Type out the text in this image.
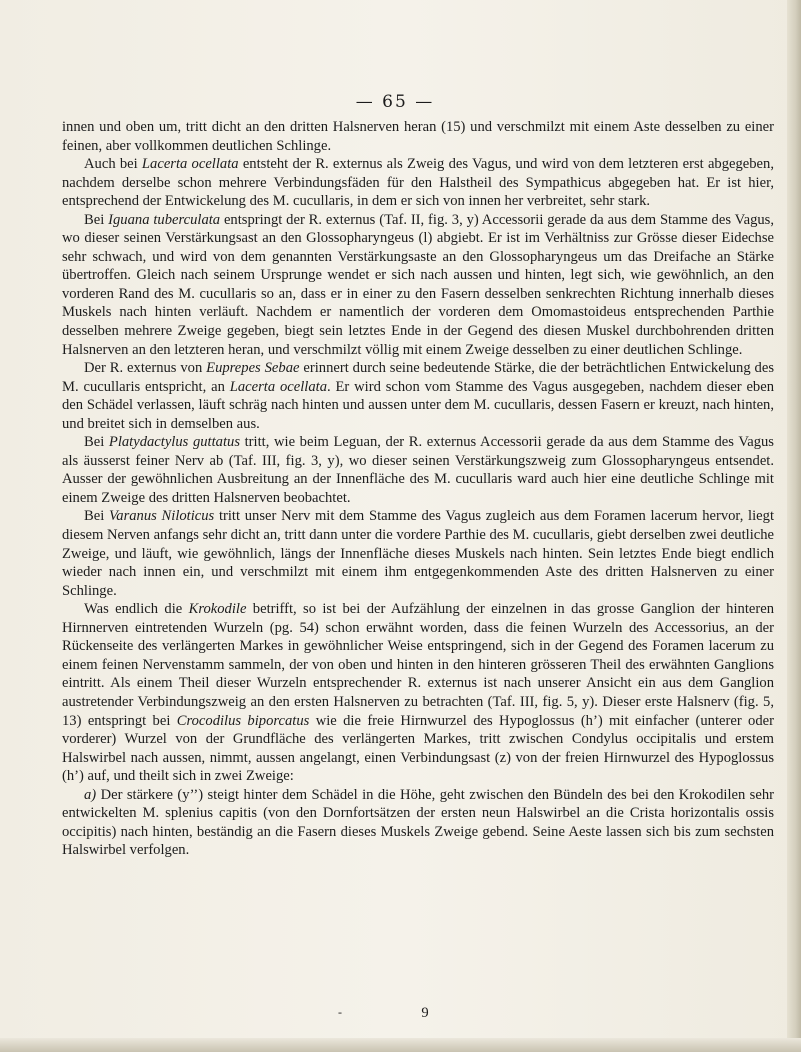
— 65 —

innen und oben um, tritt dicht an den dritten Halsnerven heran (15) und verschmilzt mit einem Aste desselben zu einer feinen, aber vollkommen deutlichen Schlinge.

Auch bei Lacerta ocellata entsteht der R. externus als Zweig des Vagus, und wird von dem letzteren erst abgegeben, nachdem derselbe schon mehrere Verbindungsfäden für den Halstheil des Sympathicus abgegeben hat. Er ist hier, entsprechend der Entwickelung des M. cucullaris, in dem er sich von innen her verbreitet, sehr stark.

Bei Iguana tuberculata entspringt der R. externus (Taf. II, fig. 3, y) Accessorii gerade da aus dem Stamme des Vagus, wo dieser seinen Verstärkungsast an den Glossopharyngeus (l) abgiebt. Er ist im Verhältniss zur Grösse dieser Eidechse sehr schwach, und wird von dem genannten Verstärkungsaste an den Glossopharyngeus um das Dreifache an Stärke übertroffen. Gleich nach seinem Ursprunge wendet er sich nach aussen und hinten, legt sich, wie gewöhnlich, an den vorderen Rand des M. cucullaris so an, dass er in einer zu den Fasern desselben senkrechten Richtung innerhalb dieses Muskels nach hinten verläuft. Nachdem er namentlich der vorderen dem Omomastoideus entsprechenden Parthie desselben mehrere Zweige gegeben, biegt sein letztes Ende in der Gegend des diesen Muskel durchbohrenden dritten Halsnerven an den letzteren heran, und verschmilzt völlig mit einem Zweige desselben zu einer deutlichen Schlinge.

Der R. externus von Euprepes Sebae erinnert durch seine bedeutende Stärke, die der beträchtlichen Entwickelung des M. cucullaris entspricht, an Lacerta ocellata. Er wird schon vom Stamme des Vagus ausgegeben, nachdem dieser eben den Schädel verlassen, läuft schräg nach hinten und aussen unter dem M. cucullaris, dessen Fasern er kreuzt, nach hinten, und breitet sich in demselben aus.

Bei Platydactylus guttatus tritt, wie beim Leguan, der R. externus Accessorii gerade da aus dem Stamme des Vagus als äusserst feiner Nerv ab (Taf. III, fig. 3, y), wo dieser seinen Verstärkungszweig zum Glossopharyngeus entsendet. Ausser der gewöhnlichen Ausbreitung an der Innenfläche des M. cucullaris ward auch hier eine deutliche Schlinge mit einem Zweige des dritten Halsnerven beobachtet.

Bei Varanus Niloticus tritt unser Nerv mit dem Stamme des Vagus zugleich aus dem Foramen lacerum hervor, liegt diesem Nerven anfangs sehr dicht an, tritt dann unter die vordere Parthie des M. cucullaris, giebt derselben zwei deutliche Zweige, und läuft, wie gewöhnlich, längs der Innenfläche dieses Muskels nach hinten. Sein letztes Ende biegt endlich wieder nach innen ein, und verschmilzt mit einem ihm entgegenkommenden Aste des dritten Halsnerven zu einer Schlinge.

Was endlich die Krokodile betrifft, so ist bei der Aufzählung der einzelnen in das grosse Ganglion der hinteren Hirnnerven eintretenden Wurzeln (pg. 54) schon erwähnt worden, dass die feinen Wurzeln des Accessorius, an der Rückenseite des verlängerten Markes in gewöhnlicher Weise entspringend, sich in der Gegend des Foramen lacerum zu einem feinen Nervenstamm sammeln, der von oben und hinten in den hinteren grösseren Theil des erwähnten Ganglions eintritt. Als einem Theil dieser Wurzeln entsprechender R. externus ist nach unserer Ansicht ein aus dem Ganglion austretender Verbindungszweig an den ersten Halsnerven zu betrachten (Taf. III, fig. 5, y). Dieser erste Halsnerv (fig. 5, 13) entspringt bei Crocodilus biporcatus wie die freie Hirnwurzel des Hypoglossus (h’) mit einfacher (unterer oder vorderer) Wurzel von der Grundfläche des verlängerten Markes, tritt zwischen Condylus occipitalis und erstem Halswirbel nach aussen, nimmt, aussen angelangt, einen Verbindungsast (z) von der freien Hirnwurzel des Hypoglossus (h’) auf, und theilt sich in zwei Zweige:

a) Der stärkere (y’’) steigt hinter dem Schädel in die Höhe, geht zwischen den Bündeln des bei den Krokodilen sehr entwickelten M. splenius capitis (von den Dornfortsätzen der ersten neun Halswirbel an die Crista horizontalis ossis occipitis) nach hinten, beständig an die Fasern dieses Muskels Zweige gebend. Seine Aeste lassen sich bis zum sechsten Halswirbel verfolgen.

-	9
